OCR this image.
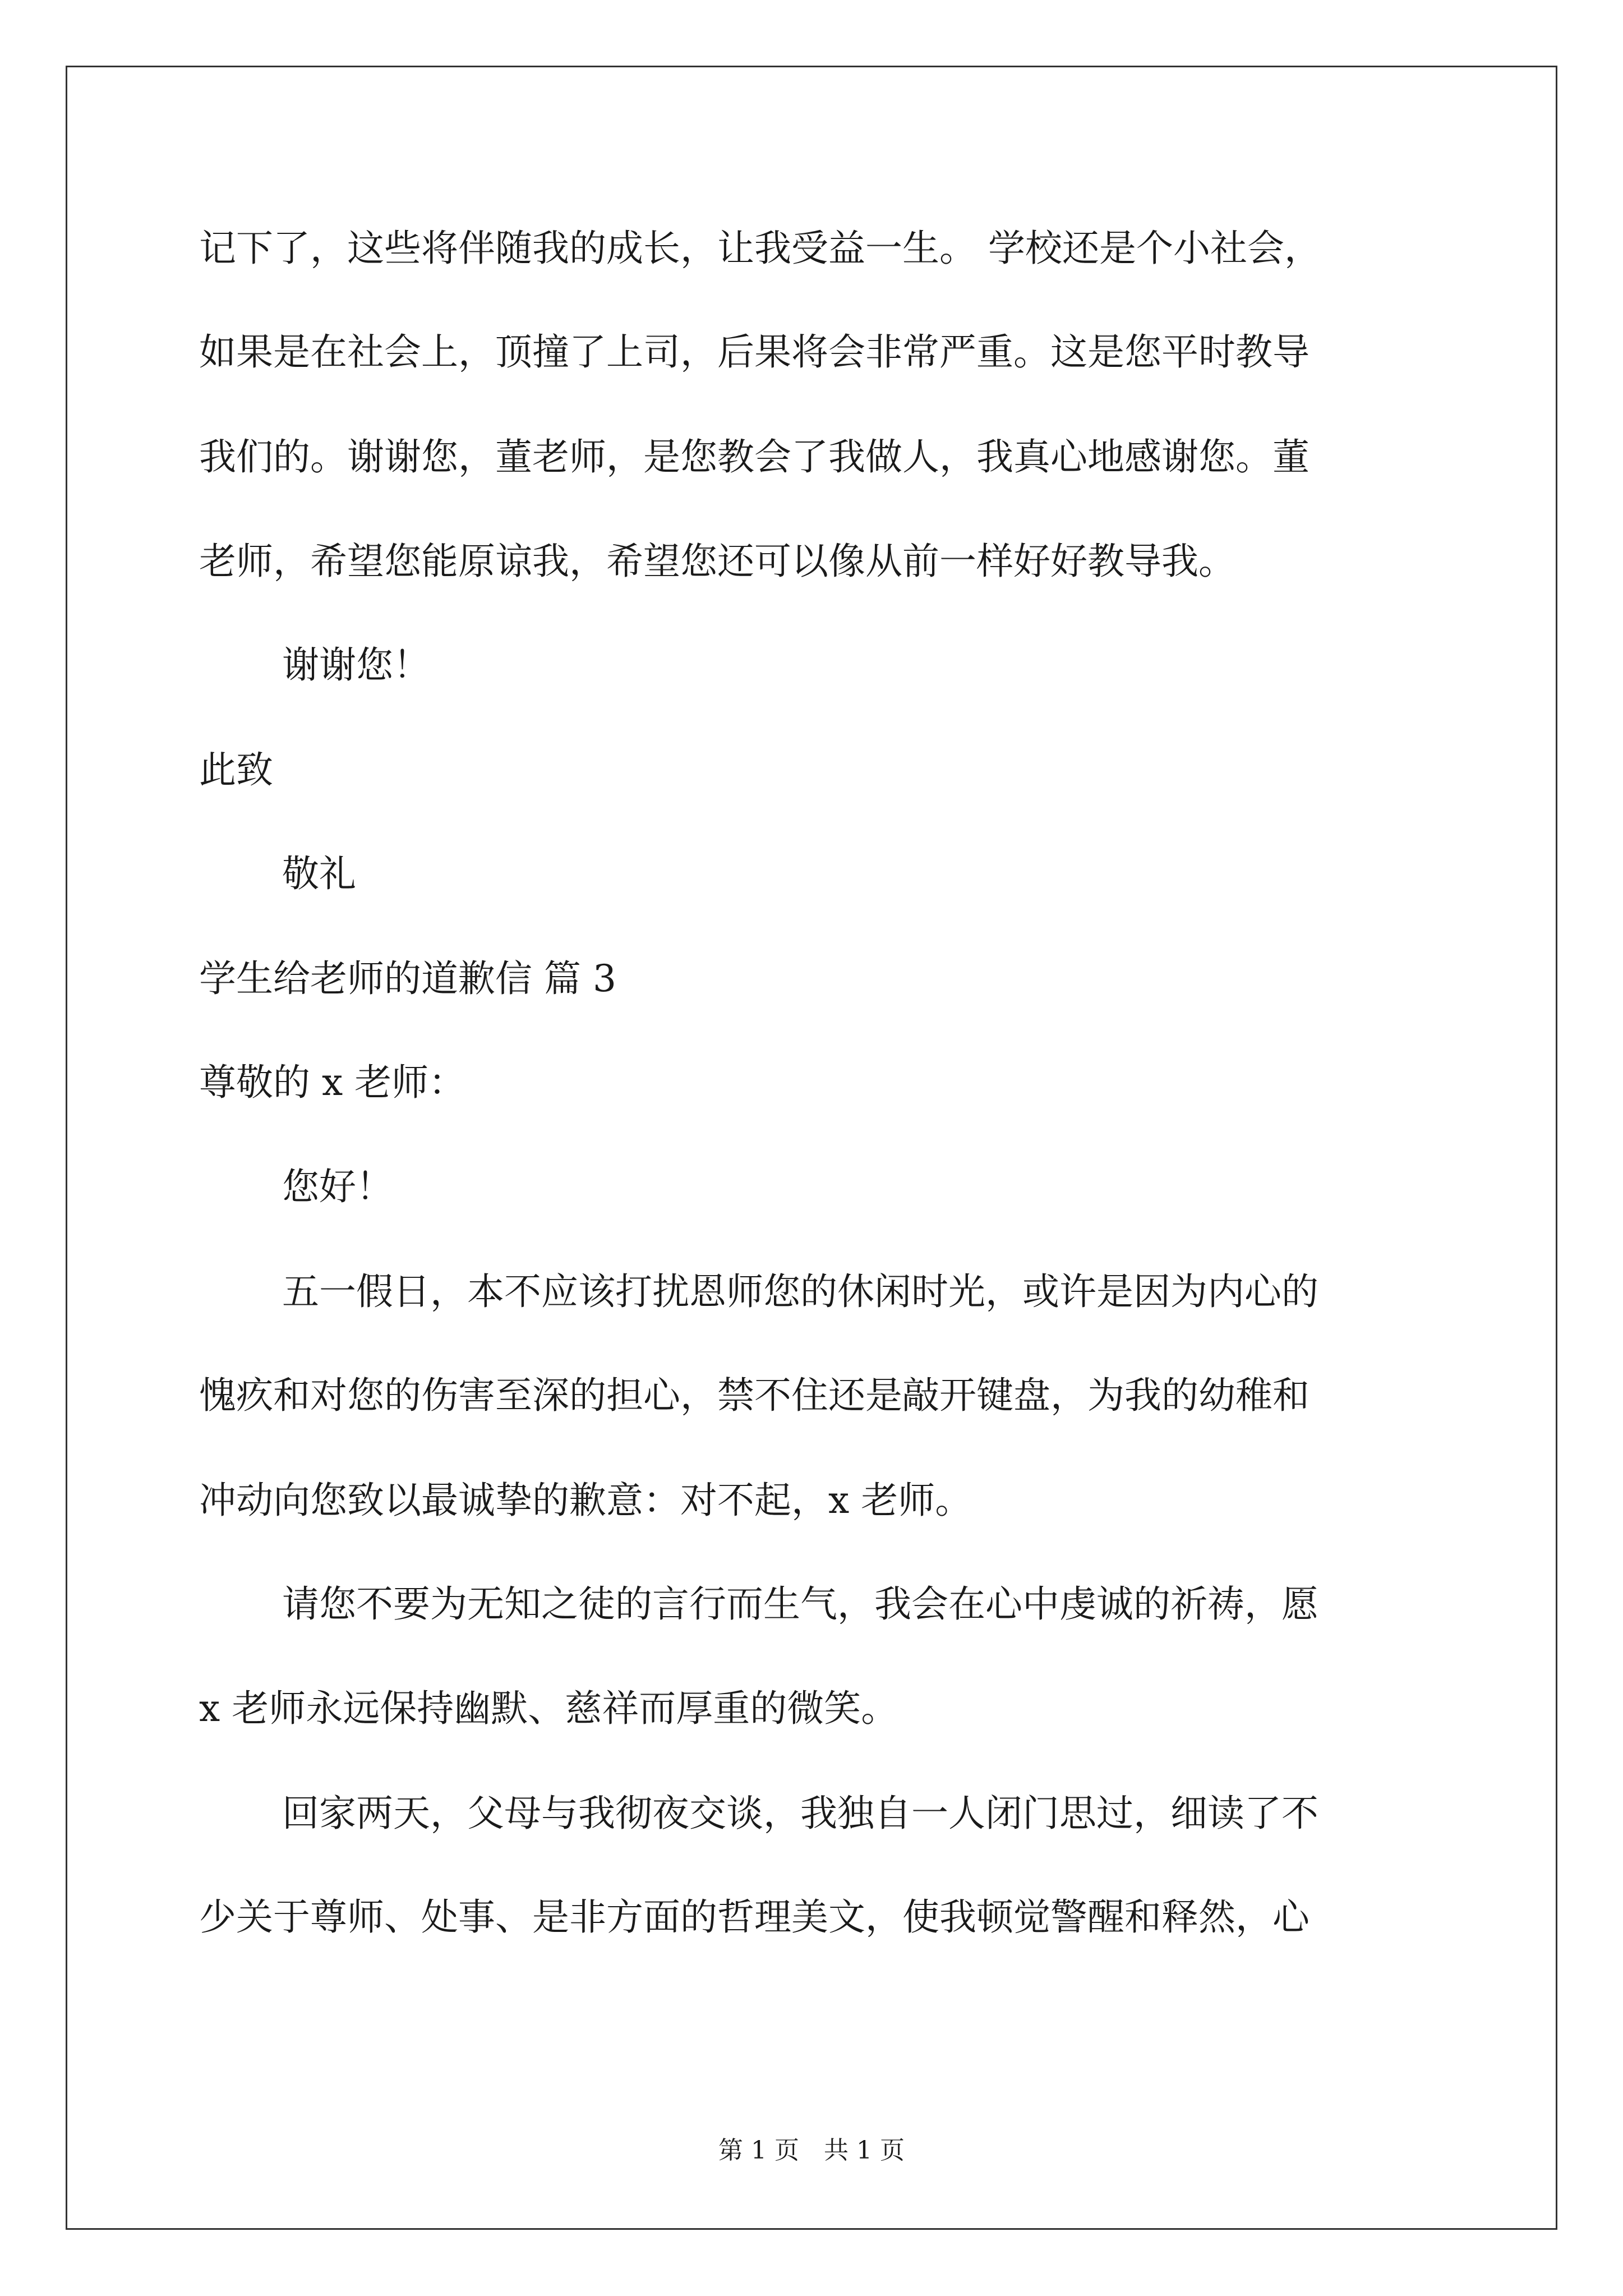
记下了，这些将伴随我的成长，让我受益一生。 学校还是个小社会，
如果是在社会上，顶撞了上司，后果将会非常严重。这是您平时教导
我们的。谢谢您，董老师，是您教会了我做人，我真心地感谢您。董
老师，希望您能原谅我，希望您还可以像从前一样好好教导我。
谢谢您！
此致
敬礼
学生给老师的道歉信 篇 3
尊敬的 x 老师：
您好！
五一假日，本不应该打扰恩师您的休闲时光，或许是因为内心的
愧疚和对您的伤害至深的担心，禁不住还是敲开键盘，为我的幼稚和
冲动向您致以最诚挚的歉意：对不起，x 老师。
请您不要为无知之徒的言行而生气，我会在心中虔诚的祈祷，愿
x 老师永远保持幽默、慈祥而厚重的微笑。
回家两天，父母与我彻夜交谈，我独自一人闭门思过，细读了不
少关于尊师、处事、是非方面的哲理美文，使我顿觉警醒和释然，心
第 1 页　共 1 页
